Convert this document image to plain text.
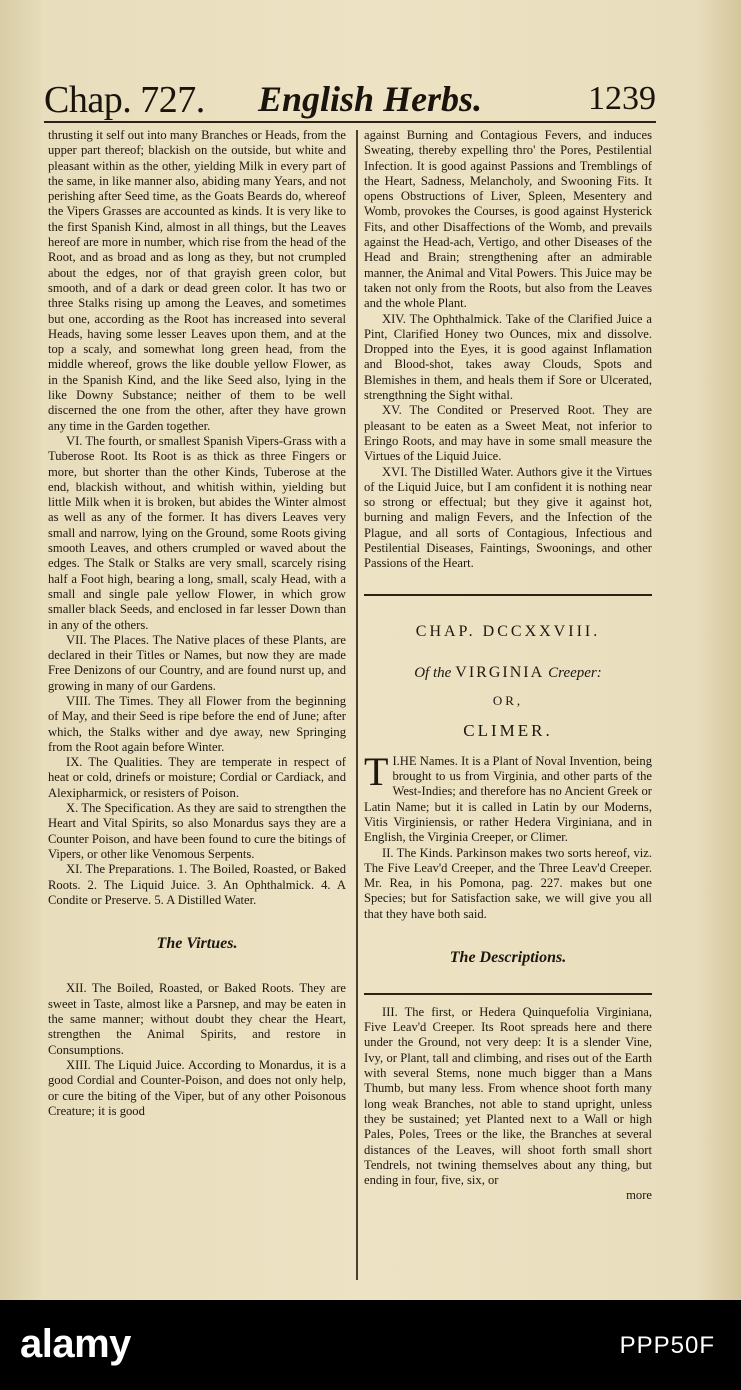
Chap. 727. English Herbs.	1239

thrusting it self out into many Branches or Heads, from the upper part thereof; blackish on the outside, but white and pleasant within as the other, yielding Milk in every part of the same, in like manner also, abiding many Years, and not perishing after Seed time, as the Goats Beards do, whereof the Vipers Grasses are accounted as kinds. It is very like to the first Spanish Kind, almost in all things, but the Leaves hereof are more in number, which rise from the head of the Root, and as broad and as long as they, but not crumpled about the edges, nor of that grayish green color, but smooth, and of a dark or dead green color. It has two or three Stalks rising up among the Leaves, and sometimes but one, according as the Root has increased into several Heads, having some lesser Leaves upon them, and at the top a scaly, and somewhat long green head, from the middle whereof, grows the like double yellow Flower, as in the Spanish Kind, and the like Seed also, lying in the like Downy Substance; neither of them to be well discerned the one from the other, after they have grown any time in the Garden together.

VI. The fourth, or smallest Spanish Vipers-Grass with a Tuberose Root. Its Root is as thick as three Fingers or more, but shorter than the other Kinds, Tuberose at the end, blackish without, and whitish within, yielding but little Milk when it is broken, but abides the Winter almost as well as any of the former. It has divers Leaves very small and narrow, lying on the Ground, some Roots giving smooth Leaves, and others crumpled or waved about the edges. The Stalk or Stalks are very small, scarcely rising half a Foot high, bearing a long, small, scaly Head, with a small and single pale yellow Flower, in which grow smaller black Seeds, and enclosed in far lesser Down than in any of the others.

VII. The Places. The Native places of these Plants, are declared in their Titles or Names, but now they are made Free Denizons of our Country, and are found nurst up, and growing in many of our Gardens.

VIII. The Times. They all Flower from the beginning of May, and their Seed is ripe before the end of June; after which, the Stalks wither and dye away, new Springing from the Root again before Winter.

IX. The Qualities. They are temperate in respect of heat or cold, drinefs or moisture; Cordial or Cardiack, and Alexipharmick, or resisters of Poison.

X. The Specification. As they are said to strengthen the Heart and Vital Spirits, so also Monardus says they are a Counter Poison, and have been found to cure the bitings of Vipers, or other like Venomous Serpents.

XI. The Preparations. 1. The Boiled, Roasted, or Baked Roots. 2. The Liquid Juice. 3. An Ophthalmick. 4. A Condite or Preserve. 5. A Distilled Water.

The Virtues.

XII. The Boiled, Roasted, or Baked Roots. They are sweet in Taste, almost like a Parsnep, and may be eaten in the same manner; without doubt they chear the Heart, strengthen the Animal Spirits, and restore in Consumptions.

XIII. The Liquid Juice. According to Monardus, it is a good Cordial and Counter-Poison, and does not only help, or cure the biting of the Viper, but of any other Poisonous Creature; it is good

against Burning and Contagious Fevers, and induces Sweating, thereby expelling thro' the Pores, Pestilential Infection. It is good against Passions and Tremblings of the Heart, Sadness, Melancholy, and Swooning Fits. It opens Obstructions of Liver, Spleen, Mesentery and Womb, provokes the Courses, is good against Hysterick Fits, and other Disaffections of the Womb, and prevails against the Head-ach, Vertigo, and other Diseases of the Head and Brain; strengthening after an admirable manner, the Animal and Vital Powers. This Juice may be taken not only from the Roots, but also from the Leaves and the whole Plant.

XIV. The Ophthalmick. Take of the Clarified Juice a Pint, Clarified Honey two Ounces, mix and dissolve. Dropped into the Eyes, it is good against Inflamation and Blood-shot, takes away Clouds, Spots and Blemishes in them, and heals them if Sore or Ulcerated, strengthning the Sight withal.

XV. The Condited or Preserved Root. They are pleasant to be eaten as a Sweet Meat, not inferior to Eringo Roots, and may have in some small measure the Virtues of the Liquid Juice.

XVI. The Distilled Water. Authors give it the Virtues of the Liquid Juice, but I am confident it is nothing near so strong or effectual; but they give it against hot, burning and malign Fevers, and the Infection of the Plague, and all sorts of Contagious, Infectious and Pestilential Diseases, Faintings, Swoonings, and other Passions of the Heart.

CHAP. DCCXXVIII.

Of the VIRGINIA Creeper:

OR,

CLIMER.

I.
T HE Names. It is a Plant of Noval Invention, being brought to us from Virginia, and other parts of the West-Indies; and therefore has no Ancient Greek or Latin Name; but it is called in Latin by our Moderns, Vitis Virginiensis, or rather Hedera Virginiana, and in English, the Virginia Creeper, or Climer.

II. The Kinds. Parkinson makes two sorts hereof, viz. The Five Leav'd Creeper, and the Three Leav'd Creeper. Mr. Rea, in his Pomona, pag. 227. makes but one Species; but for Satisfaction sake, we will give you all that they have both said.

The Descriptions.

III. The first, or Hedera Quinquefolia Virginiana, Five Leav'd Creeper. Its Root spreads here and there under the Ground, not very deep: It is a slender Vine, Ivy, or Plant, tall and climbing, and rises out of the Earth with several Stems, none much bigger than a Mans Thumb, but many less. From whence shoot forth many long weak Branches, not able to stand upright, unless they be sustained; yet Planted next to a Wall or high Pales, Poles, Trees or the like, the Branches at several distances of the Leaves, will shoot forth small short Tendrels, not twining themselves about any thing, but ending in four, five, six, or

more

alamy	PPP50F
